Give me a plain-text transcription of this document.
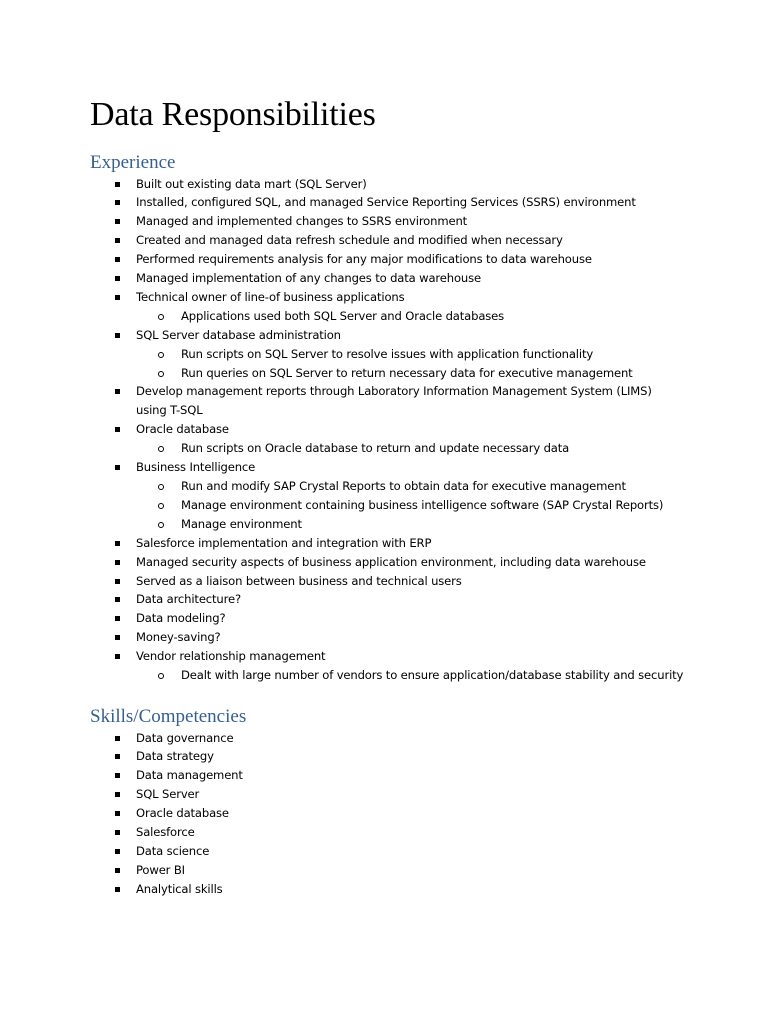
Data Responsibilities
Experience
Built out existing data mart (SQL Server)
Installed, configured SQL, and managed Service Reporting Services (SSRS) environment
Managed and implemented changes to SSRS environment
Created and managed data refresh schedule and modified when necessary
Performed requirements analysis for any major modifications to data warehouse
Managed implementation of any changes to data warehouse
Technical owner of line-of business applications
Applications used both SQL Server and Oracle databases
SQL Server database administration
Run scripts on SQL Server to resolve issues with application functionality
Run queries on SQL Server to return necessary data for executive management
Develop management reports through Laboratory Information Management System (LIMS) using T-SQL
Oracle database
Run scripts on Oracle database to return and update necessary data
Business Intelligence
Run and modify SAP Crystal Reports to obtain data for executive management
Manage environment containing business intelligence software (SAP Crystal Reports)
Manage environment
Salesforce implementation and integration with ERP
Managed security aspects of business application environment, including data warehouse
Served as a liaison between business and technical users
Data architecture?
Data modeling?
Money-saving?
Vendor relationship management
Dealt with large number of vendors to ensure application/database stability and security
Skills/Competencies
Data governance
Data strategy
Data management
SQL Server
Oracle database
Salesforce
Data science
Power BI
Analytical skills
